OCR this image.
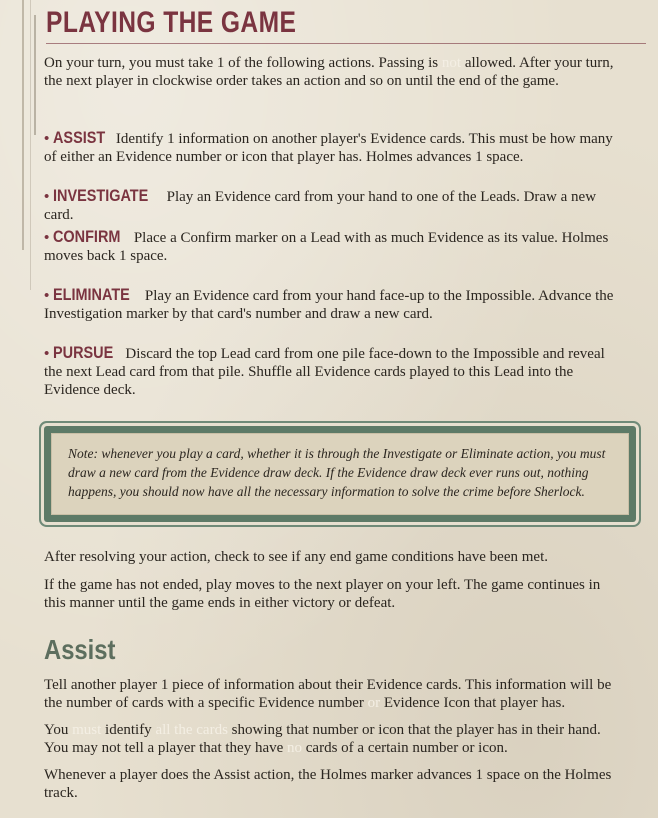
PLAYING THE GAME

On your turn, you must take 1 of the following actions. Passing is not allowed. After your turn, the next player in clockwise order takes an action and so on until the end of the game.

• ASSIST Identify 1 information on another player's Evidence cards. This must be how many of either an Evidence number or icon that player has. Holmes advances 1 space.

• INVESTIGATE Play an Evidence card from your hand to one of the Leads. Draw a new card.

• CONFIRM Place a Confirm marker on a Lead with as much Evidence as its value. Holmes moves back 1 space.

• ELIMINATE Play an Evidence card from your hand face-up to the Impossible. Advance the Investigation marker by that card's number and draw a new card.

• PURSUE Discard the top Lead card from one pile face-down to the Impossible and reveal the next Lead card from that pile. Shuffle all Evidence cards played to this Lead into the Evidence deck.

Note: whenever you play a card, whether it is through the Investigate or Eliminate action, you must draw a new card from the Evidence draw deck. If the Evidence draw deck ever runs out, nothing happens, you should now have all the necessary information to solve the crime before Sherlock.

After resolving your action, check to see if any end game conditions have been met.

If the game has not ended, play moves to the next player on your left. The game continues in this manner until the game ends in either victory or defeat.

Assist

Tell another player 1 piece of information about their Evidence cards. This information will be the number of cards with a specific Evidence number or Evidence Icon that player has.

You must identify all the cards showing that number or icon that the player has in their hand. You may not tell a player that they have no cards of a certain number or icon.

Whenever a player does the Assist action, the Holmes marker advances 1 space on the Holmes track.
